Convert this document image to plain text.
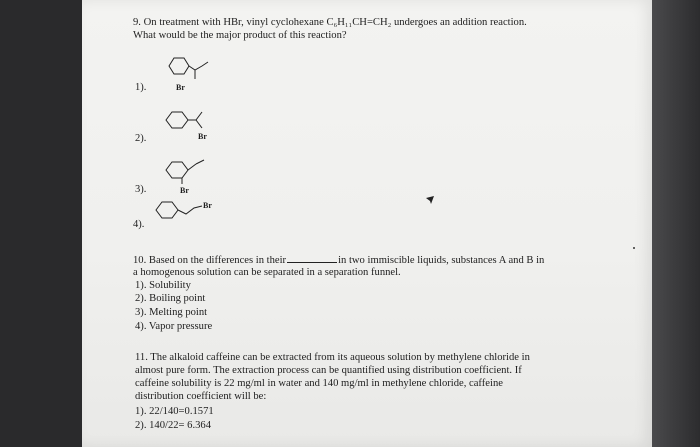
9. On treatment with HBr, vinyl cyclohexane C₆H₁₁CH=CH₂ undergoes an addition reaction.
What would be the major product of this reaction?
1).	Br
2).	Br
3).	Br
4).
Br
10. Based on the differences in their	in two immiscible liquids, substances A and B in
a homogenous solution can be separated in a separation funnel.
1). Solubility
2). Boiling point
3). Melting point
4). Vapor pressure
11. The alkaloid caffeine can be extracted from its aqueous solution by methylene chloride in
almost pure form. The extraction process can be quantified using distribution coefficient. If
caffeine solubility is 22 mg/ml in water and 140 mg/ml in methylene chloride, caffeine
distribution coefficient will be:
1). 22/140=0.1571
2). 140/22= 6.364
